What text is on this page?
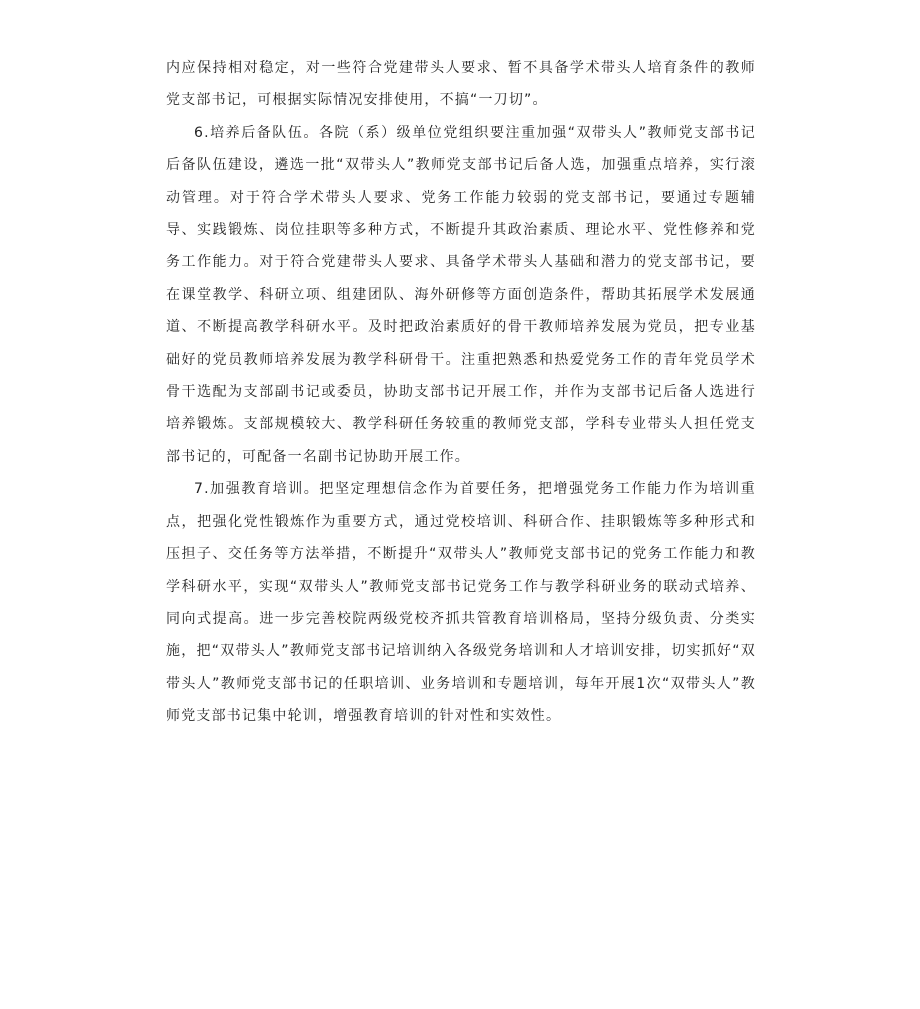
内应保持相对稳定，对一些符合党建带头人要求、暂不具备学术带头人培育条件的教师党支部书记，可根据实际情况安排使用，不搞“一刀切”。

6.培养后备队伍。各院（系）级单位党组织要注重加强“双带头人”教师党支部书记后备队伍建设，遴选一批“双带头人”教师党支部书记后备人选，加强重点培养，实行滚动管理。对于符合学术带头人要求、党务工作能力较弱的党支部书记，要通过专题辅导、实践锻炼、岗位挂职等多种方式，不断提升其政治素质、理论水平、党性修养和党务工作能力。对于符合党建带头人要求、具备学术带头人基础和潜力的党支部书记，要在课堂教学、科研立项、组建团队、海外研修等方面创造条件，帮助其拓展学术发展通道、不断提高教学科研水平。及时把政治素质好的骨干教师培养发展为党员，把专业基础好的党员教师培养发展为教学科研骨干。注重把熟悉和热爱党务工作的青年党员学术骨干选配为支部副书记或委员，协助支部书记开展工作，并作为支部书记后备人选进行培养锻炼。支部规模较大、教学科研任务较重的教师党支部，学科专业带头人担任党支部书记的，可配备一名副书记协助开展工作。

7.加强教育培训。把坚定理想信念作为首要任务，把增强党务工作能力作为培训重点，把强化党性锻炼作为重要方式，通过党校培训、科研合作、挂职锻炼等多种形式和压担子、交任务等方法举措，不断提升“双带头人”教师党支部书记的党务工作能力和教学科研水平，实现“双带头人”教师党支部书记党务工作与教学科研业务的联动式培养、同向式提高。进一步完善校院两级党校齐抓共管教育培训格局，坚持分级负责、分类实施，把“双带头人”教师党支部书记培训纳入各级党务培训和人才培训安排，切实抓好“双带头人”教师党支部书记的任职培训、业务培训和专题培训，每年开展1次“双带头人”教师党支部书记集中轮训，增强教育培训的针对性和实效性。
